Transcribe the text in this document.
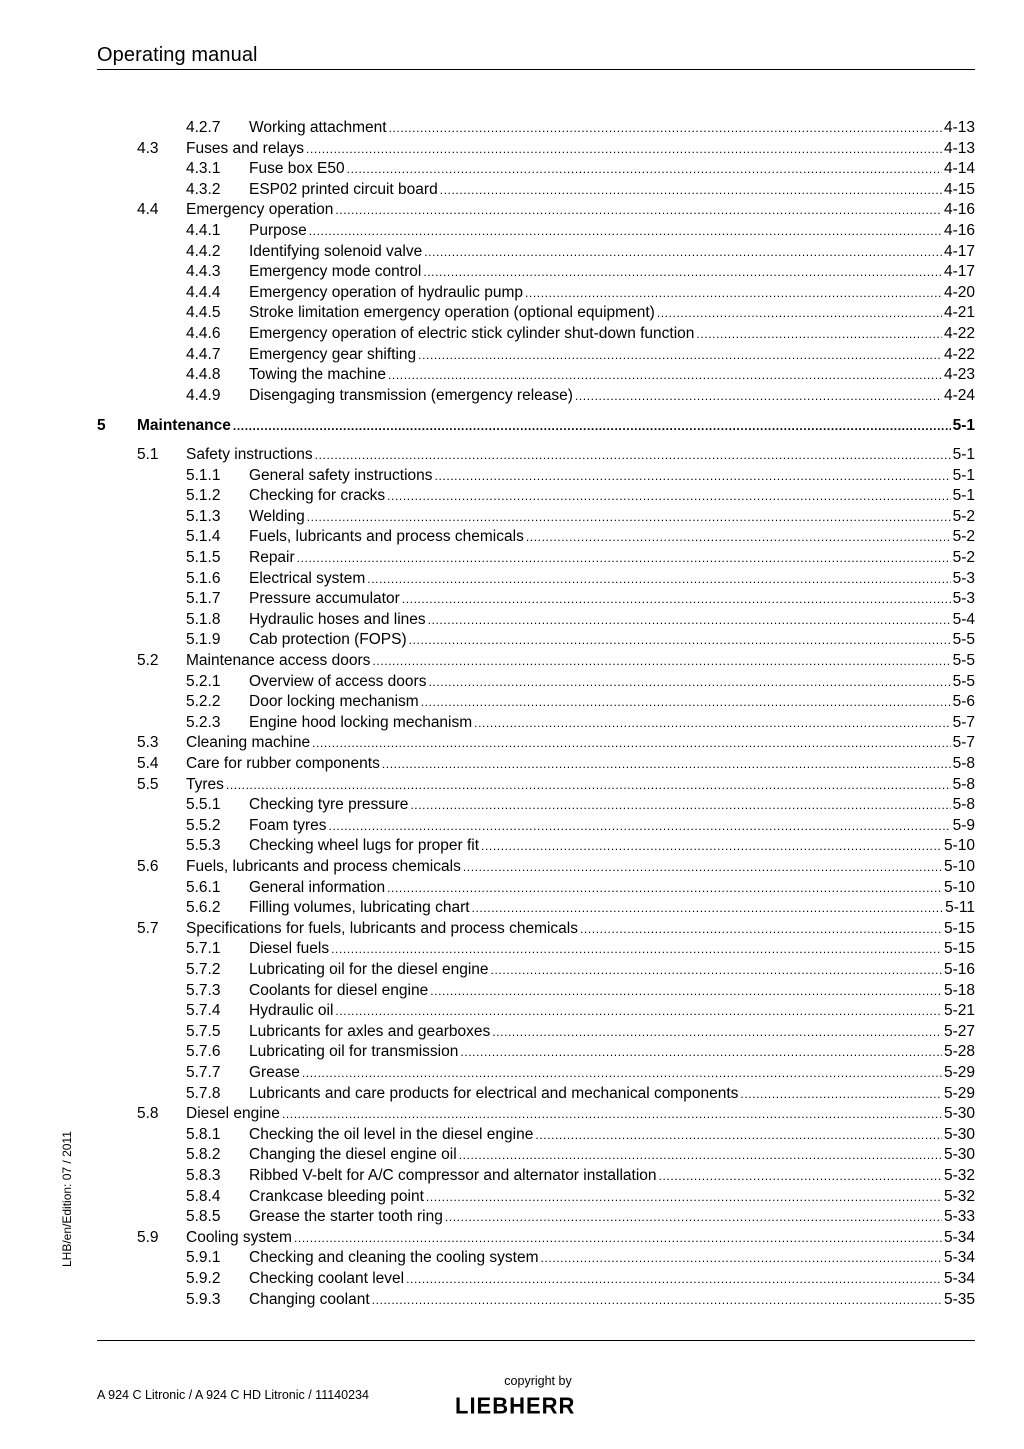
Operating manual
4.2.7	Working attachment .....	4-13
4.3	Fuses and relays .....	4-13
4.3.1	Fuse box E50 .....	4-14
4.3.2	ESP02 printed circuit board .....	4-15
4.4	Emergency operation .....	4-16
4.4.1	Purpose .....	4-16
4.4.2	Identifying solenoid valve .....	4-17
4.4.3	Emergency mode control .....	4-17
4.4.4	Emergency operation of hydraulic pump .....	4-20
4.4.5	Stroke limitation emergency operation (optional equipment) .....	4-21
4.4.6	Emergency operation of electric stick cylinder shut-down function .....	4-22
4.4.7	Emergency gear shifting .....	4-22
4.4.8	Towing the machine .....	4-23
4.4.9	Disengaging transmission (emergency release) .....	4-24
5	Maintenance .....	5-1
5.1	Safety instructions .....	5-1
5.1.1	General safety instructions .....	5-1
5.1.2	Checking for cracks .....	5-1
5.1.3	Welding .....	5-2
5.1.4	Fuels, lubricants and process chemicals .....	5-2
5.1.5	Repair .....	5-2
5.1.6	Electrical system .....	5-3
5.1.7	Pressure accumulator .....	5-3
5.1.8	Hydraulic hoses and lines .....	5-4
5.1.9	Cab protection (FOPS) .....	5-5
5.2	Maintenance access doors .....	5-5
5.2.1	Overview of access doors .....	5-5
5.2.2	Door locking mechanism .....	5-6
5.2.3	Engine hood locking mechanism .....	5-7
5.3	Cleaning machine .....	5-7
5.4	Care for rubber components .....	5-8
5.5	Tyres .....	5-8
5.5.1	Checking tyre pressure .....	5-8
5.5.2	Foam tyres .....	5-9
5.5.3	Checking wheel lugs for proper fit .....	5-10
5.6	Fuels, lubricants and process chemicals .....	5-10
5.6.1	General information .....	5-10
5.6.2	Filling volumes, lubricating chart .....	5-11
5.7	Specifications for fuels, lubricants and process chemicals .....	5-15
5.7.1	Diesel fuels .....	5-15
5.7.2	Lubricating oil for the diesel engine .....	5-16
5.7.3	Coolants for diesel engine .....	5-18
5.7.4	Hydraulic oil .....	5-21
5.7.5	Lubricants for axles and gearboxes .....	5-27
5.7.6	Lubricating oil for transmission .....	5-28
5.7.7	Grease .....	5-29
5.7.8	Lubricants and care products for electrical and mechanical components .....	5-29
5.8	Diesel engine .....	5-30
5.8.1	Checking the oil level in the diesel engine .....	5-30
5.8.2	Changing the diesel engine oil .....	5-30
5.8.3	Ribbed V-belt for A/C compressor and alternator installation .....	5-32
5.8.4	Crankcase bleeding point .....	5-32
5.8.5	Grease the starter tooth ring .....	5-33
5.9	Cooling system .....	5-34
5.9.1	Checking and cleaning the cooling system .....	5-34
5.9.2	Checking coolant level .....	5-34
5.9.3	Changing coolant .....	5-35
A 924 C Litronic / A 924 C HD Litronic / 11140234
copyright by
LIEBHERR
LHB/en/Edition: 07 / 2011
